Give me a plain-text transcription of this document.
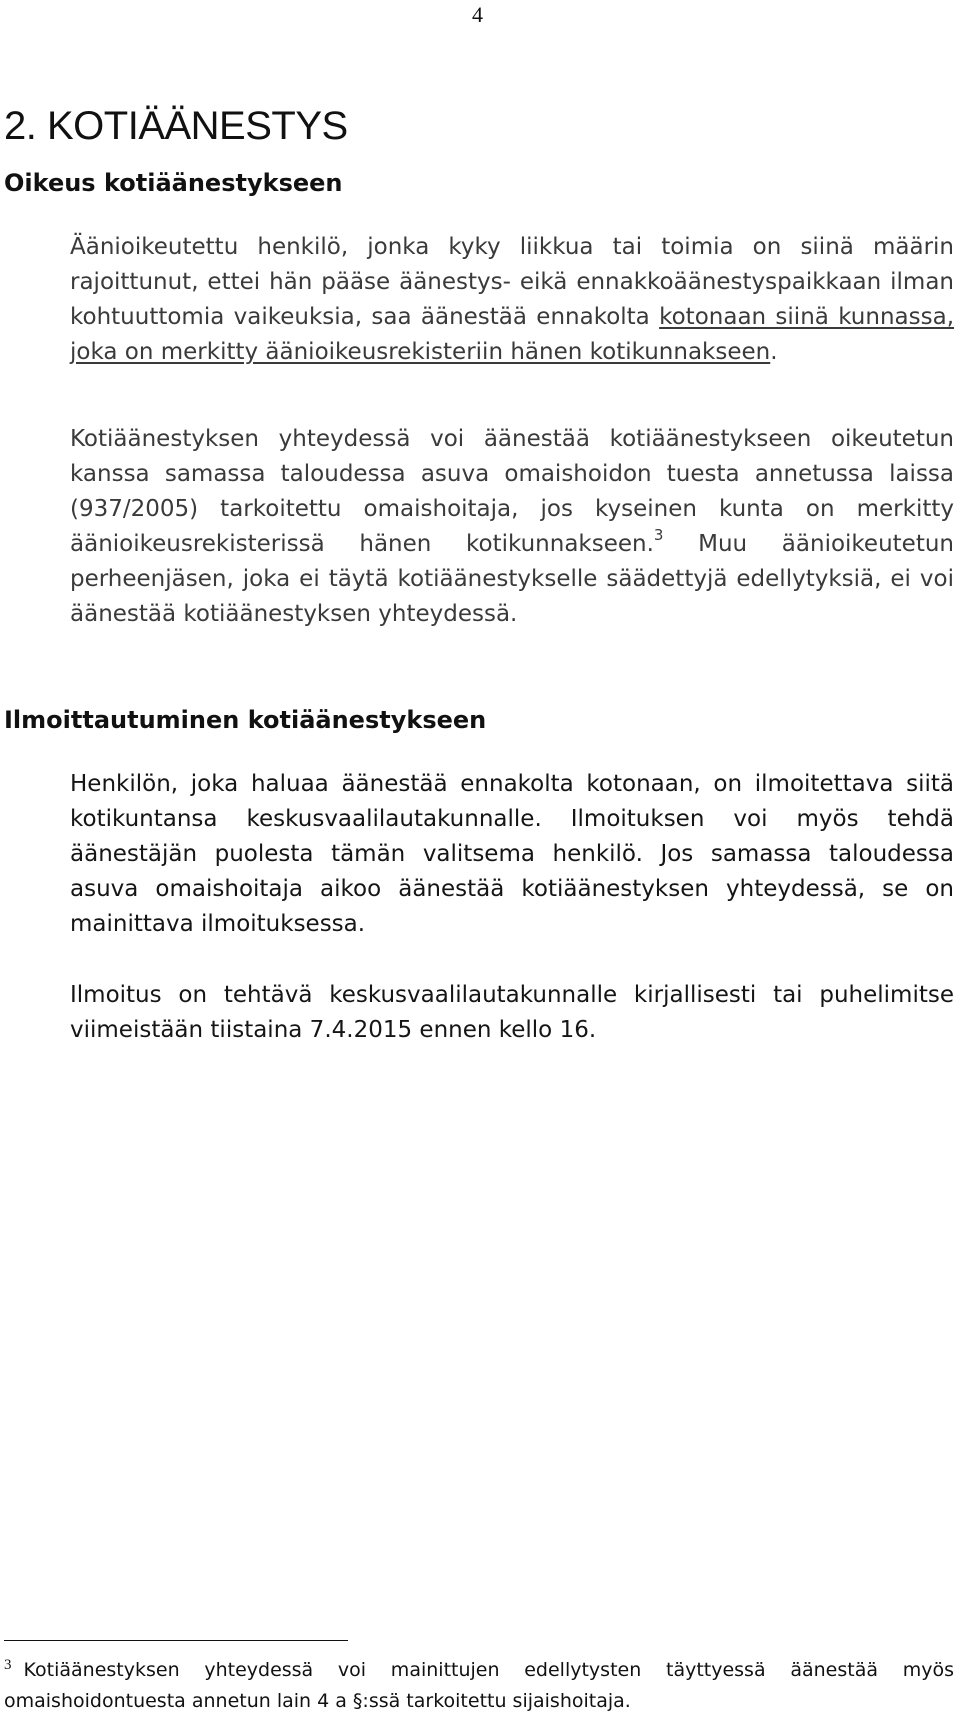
4
2. KOTIÄÄNESTYS
Oikeus kotiäänestykseen

Äänioikeutettu henkilö, jonka kyky liikkua tai toimia on siinä määrin rajoittunut, ettei hän pääse äänestys- eikä ennakkoäänestyspaikkaan ilman kohtuuttomia vaikeuksia, saa äänestää ennakolta kotonaan siinä kunnassa, joka on merkitty äänioikeusrekisteriin hänen kotikunnakseen.

Kotiäänestyksen yhteydessä voi äänestää kotiäänestykseen oikeutetun kanssa samassa taloudessa asuva omaishoidon tuesta annetussa laissa (937/2005) tarkoitettu omaishoitaja, jos kyseinen kunta on merkitty äänioikeusrekisterissä hänen kotikunnakseen.$^3$ Muu äänioikeutetun perheenjäsen, joka ei täytä kotiäänestykselle säädettyjä edellytyksiä, ei voi äänestää kotiäänestyksen yhteydessä.

Ilmoittautuminen kotiäänestykseen

Henkilön, joka haluaa äänestää ennakolta kotonaan, on ilmoitettava siitä kotikuntansa keskusvaalilautakunnalle. Ilmoituksen voi myös tehdä äänestäjän puolesta tämän valitsema henkilö. Jos samassa taloudessa asuva omaishoitaja aikoo äänestää kotiäänestyksen yhteydessä, se on mainittava ilmoituksessa.

Ilmoitus on tehtävä keskusvaalilautakunnalle kirjallisesti tai puhelimitse viimeistään tiistaina 7.4.2015 ennen kello 16.

$^3$ Kotiäänestyksen yhteydessä voi mainittujen edellytysten täyttyessä äänestää myös omaishoidontuesta annetun lain 4 a §:ssä tarkoitettu sijaishoitaja.
